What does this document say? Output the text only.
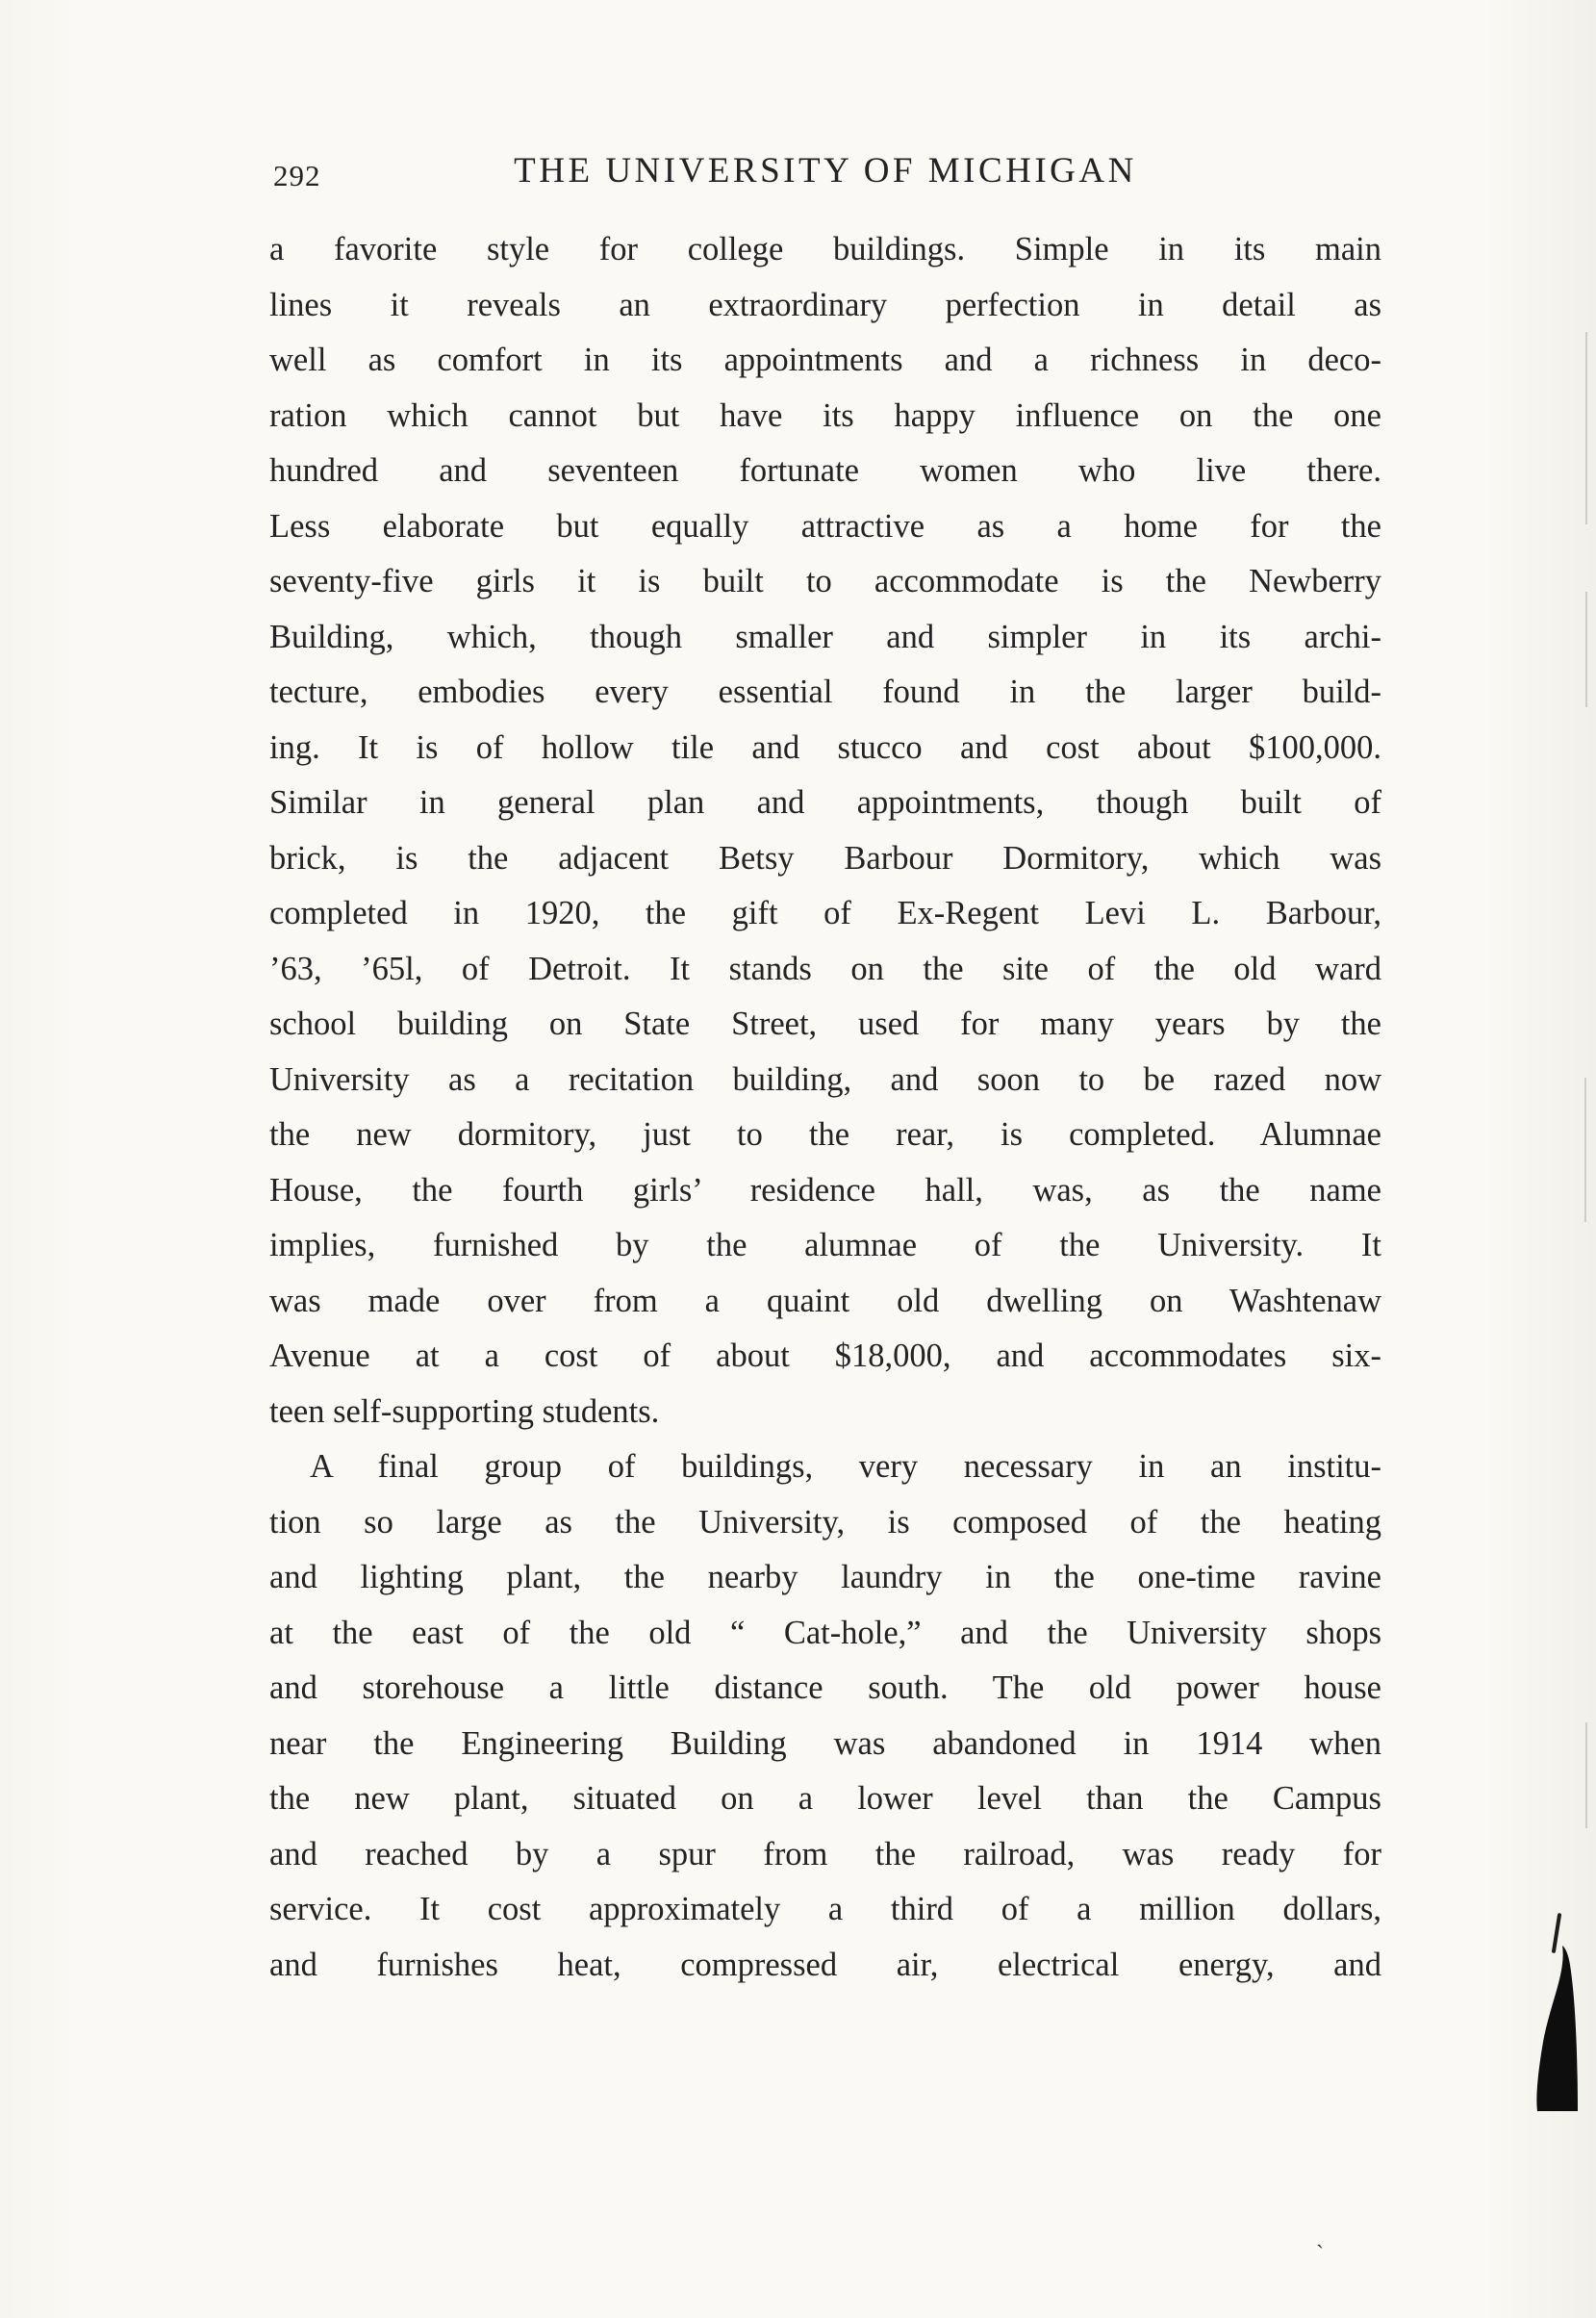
292	THE UNIVERSITY OF MICHIGAN
a favorite style for college buildings. Simple in its main
lines it reveals an extraordinary perfection in detail as
well as comfort in its appointments and a richness in deco-
ration which cannot but have its happy influence on the one
hundred and seventeen fortunate women who live there.
Less elaborate but equally attractive as a home for the
seventy-five girls it is built to accommodate is the Newberry
Building, which, though smaller and simpler in its archi-
tecture, embodies every essential found in the larger build-
ing. It is of hollow tile and stucco and cost about $100,000.
Similar in general plan and appointments, though built of
brick, is the adjacent Betsy Barbour Dormitory, which was
completed in 1920, the gift of Ex-Regent Levi L. Barbour,
’63, ’65l, of Detroit. It stands on the site of the old ward
school building on State Street, used for many years by the
University as a recitation building, and soon to be razed now
the new dormitory, just to the rear, is completed. Alumnae
House, the fourth girls’ residence hall, was, as the name
implies, furnished by the alumnae of the University. It
was made over from a quaint old dwelling on Washtenaw
Avenue at a cost of about $18,000, and accommodates six-
teen self-supporting students.
A final group of buildings, very necessary in an institu-
tion so large as the University, is composed of the heating
and lighting plant, the nearby laundry in the one-time ravine
at the east of the old “ Cat-hole,” and the University shops
and storehouse a little distance south. The old power house
near the Engineering Building was abandoned in 1914 when
the new plant, situated on a lower level than the Campus
and reached by a spur from the railroad, was ready for
service. It cost approximately a third of a million dollars,
and furnishes heat, compressed air, electrical energy, and
`
